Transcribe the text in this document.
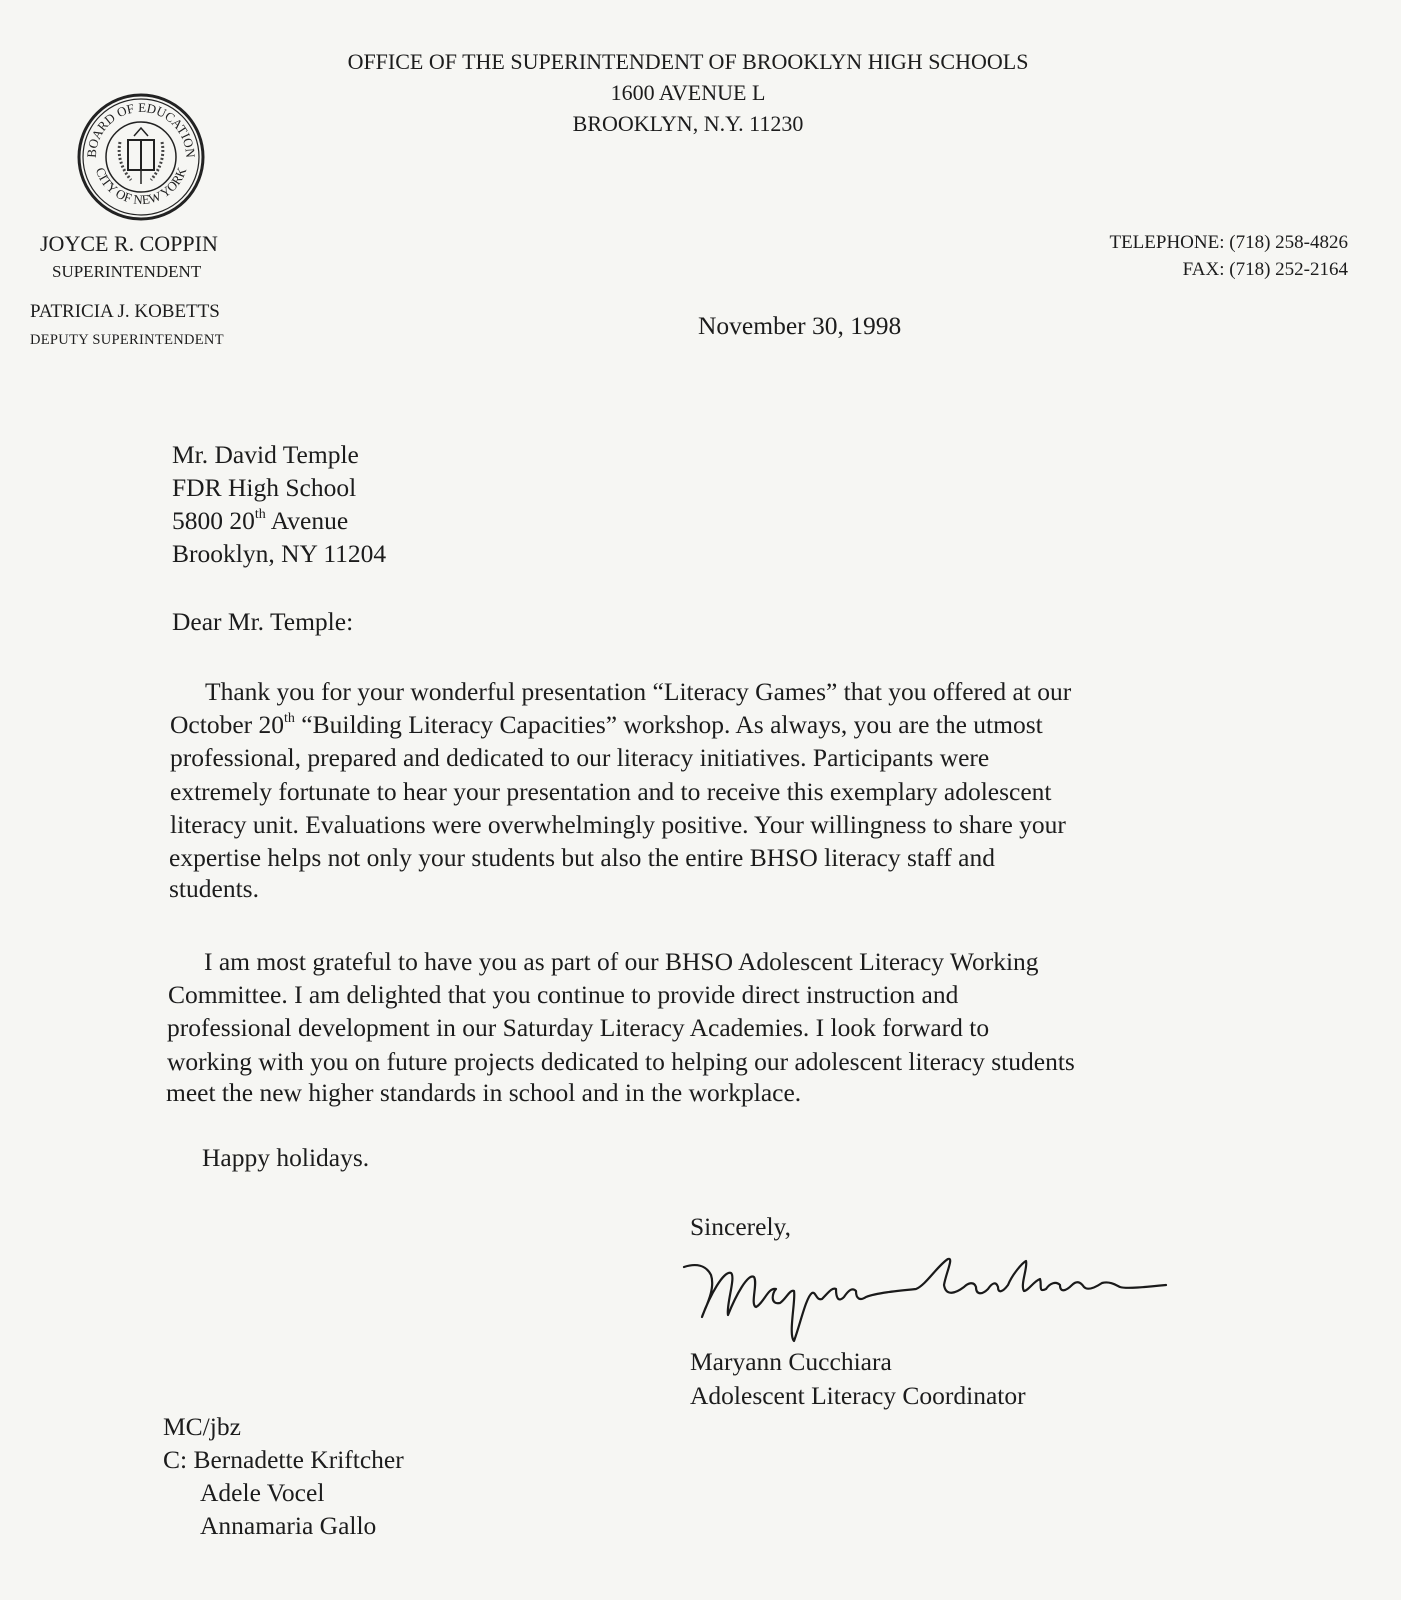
OFFICE OF THE SUPERINTENDENT OF BROOKLYN HIGH SCHOOLS
1600 AVENUE L
BROOKLYN, N.Y. 11230
BOARD OF EDUCATION
CITY OF NEW YORK
JOYCE R. COPPIN
SUPERINTENDENT
PATRICIA J. KOBETTS
DEPUTY SUPERINTENDENT
TELEPHONE: (718) 258-4826
FAX: (718) 252-2164
November 30, 1998
Mr. David Temple
FDR High School
5800 20th Avenue
Brooklyn, NY 11204
Dear Mr. Temple:
Thank you for your wonderful presentation “Literacy Games” that you offered at our
October 20th “Building Literacy Capacities” workshop. As always, you are the utmost
professional, prepared and dedicated to our literacy initiatives. Participants were
extremely fortunate to hear your presentation and to receive this exemplary adolescent
literacy unit. Evaluations were overwhelmingly positive. Your willingness to share your
expertise helps not only your students but also the entire BHSO literacy staff and
students.
I am most grateful to have you as part of our BHSO Adolescent Literacy Working
Committee. I am delighted that you continue to provide direct instruction and
professional development in our Saturday Literacy Academies. I look forward to
working with you on future projects dedicated to helping our adolescent literacy students
meet the new higher standards in school and in the workplace.
Happy holidays.
Sincerely,
Maryann Cucchiara
Adolescent Literacy Coordinator
MC/jbz
C: Bernadette Kriftcher
Adele Vocel
Annamaria Gallo
